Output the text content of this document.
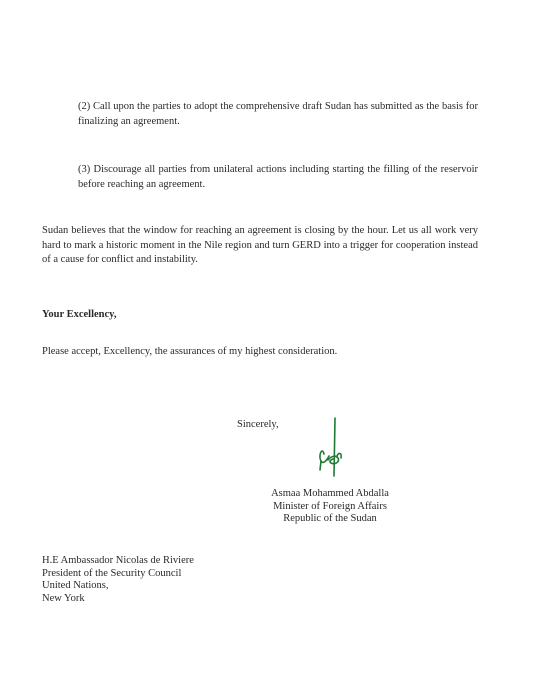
(2) Call upon the parties to adopt the comprehensive draft Sudan has submitted as the basis for finalizing an agreement.

(3) Discourage all parties from unilateral actions including starting the filling of the reservoir before reaching an agreement.

Sudan believes that the window for reaching an agreement is closing by the hour. Let us all work very hard to mark a historic moment in the Nile region and turn GERD into a trigger for cooperation instead of a cause for conflict and instability.

Your Excellency,

Please accept, Excellency, the assurances of my highest consideration.

Sincerely,

Asmaa Mohammed Abdalla
Minister of Foreign Affairs
Republic of the Sudan
H.E Ambassador Nicolas de Riviere
President of the Security Council
United Nations,
New York
